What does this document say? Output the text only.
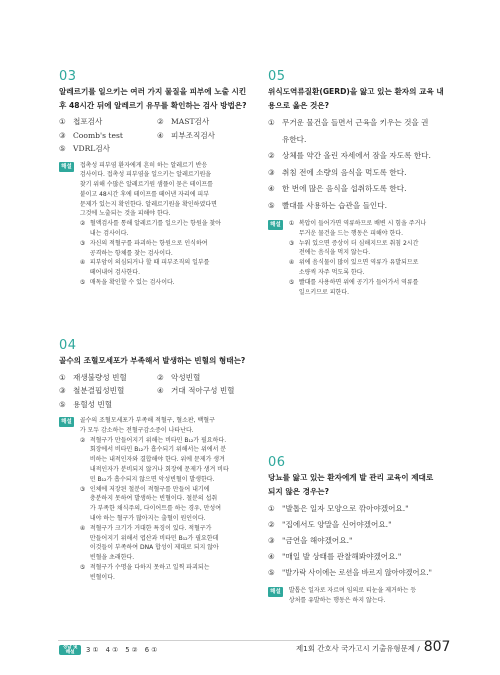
03
알레르기를 일으키는 여러 가지 물질을 피부에 노출 시킨
후 48시간 뒤에 알레르기 유무를 확인하는 검사 방법은?
① 첩포검사	② MAST검사
③ Coomb's test	④ 피부조직검사
⑤ VDRL검사
해설	접촉성 피부염 환자에게 흔히 하는 알레르기 반응
검사이다. 접촉성 피부염을 일으키는 알레르기원을
찾기 위해 수많은 알레르기원 샘플이 묻은 테이프를
붙이고 48시간 후에 테이프를 떼어낸 자리에 피부
문제가 있는지 확인한다. 알레르기원을 확인하였다면
그것에 노출되는 것을 피해야 한다.
② 혈액검사를 통해 알레르기를 일으키는 항원을 찾아
내는 검사이다.
③ 자신의 적혈구를 파괴하는 항원으로 인식하여
공격하는 항체를 찾는 검사이다.
④ 피부암이 의심되거나 할 때 피부조직의 일부를
떼어내어 검사한다.
⑤ 매독을 확인할 수 있는 검사이다.
04
골수의 조혈모세포가 부족해서 발생하는 빈혈의 형태는?
① 재생불량성 빈혈	② 악성빈혈
③ 철분결핍성빈혈	④ 거대 적아구성 빈혈
⑤ 용혈성 빈혈
해설	골수의 조혈모세포가 부족해 적혈구, 혈소판, 백혈구
가 모두 감소하는 전혈구감소증이 나타난다.
② 적혈구가 만들어지기 위해는 비타민 B₁₂가 필요하다.
회장에서 비타민 B₁₂가 흡수되기 위해서는 위에서 분
비하는 내적인자와 결합해야 한다. 위에 문제가 생겨
내적인자가 분비되지 않거나 회장에 문제가 생겨 비타
민 B₁₂가 흡수되지 않으면 악성빈혈이 발생한다.
③ 인체에 저장된 철분이 적혈구를 만들어 내기에
충분하지 못하여 발생하는 빈혈이다. 철분의 섭취
가 부족한 채식주의, 다이어트를 하는 경우, 만성여
내야 하는 혈구가 많아지는 출혈이 원인이다.
④ 적혈구가 크기가 거대한 특징이 있다. 적혈구가
만들어지기 위해서 엽산과 비타민 B₁₂가 필요한데
이것들이 부족하여 DNA 합성이 제대로 되지 않아
빈혈을 초래한다.
⑤ 적혈구가 수명을 다하지 못하고 일찍 파괴되는
빈혈이다.
05
위식도역류질환(GERD)을 앓고 있는 환자의 교육 내
용으로 옳은 것은?
① 무거운 물건을 들면서 근육을 키우는 것을 권
유한다.
② 상체를 약간 올린 자세에서 잠을 자도록 한다.
③ 취침 전에 소량의 음식을 먹도록 한다.
④ 한 번에 많은 음식을 섭취하도록 한다.
⑤ 빨대를 사용하는 습관을 들인다.
해설	① 복압이 들어가면 역류하므로 배변 시 힘을 주거나
무거운 물건을 드는 행동은 피해야 한다.
③ 누워 있으면 증상이 더 심해지므로 취침 2시간
전에는 음식을 먹지 않는다.
④ 위에 음식물이 많이 있으면 역류가 유발되므로
소량씩 자주 먹도록 한다.
⑤ 빨대를 사용하면 위에 공기가 들어가서 역류를
일으키므로 피한다.
06
당뇨를 앓고 있는 환자에게 발 관리 교육이 제대로
되지 않은 경우는?
① "발톱은 일자 모양으로 깎아야겠어요."
② "집에서도 양말을 신어야겠어요."
③ "금연을 해야겠어요."
④ "매일 발 상태를 관찰해봐야겠어요."
⑤ "발가락 사이에는 로션을 바르지 않아야겠어요."
해설	발톱은 일자로 자르며 임의로 티눈을 제거하는 등
상처를 유발하는 행동은 하지 않는다.
정답 및
해설	3 ① 4 ① 5 ② 6 ①	제1회 간호사 국가고시 기출유형문제 / 807
